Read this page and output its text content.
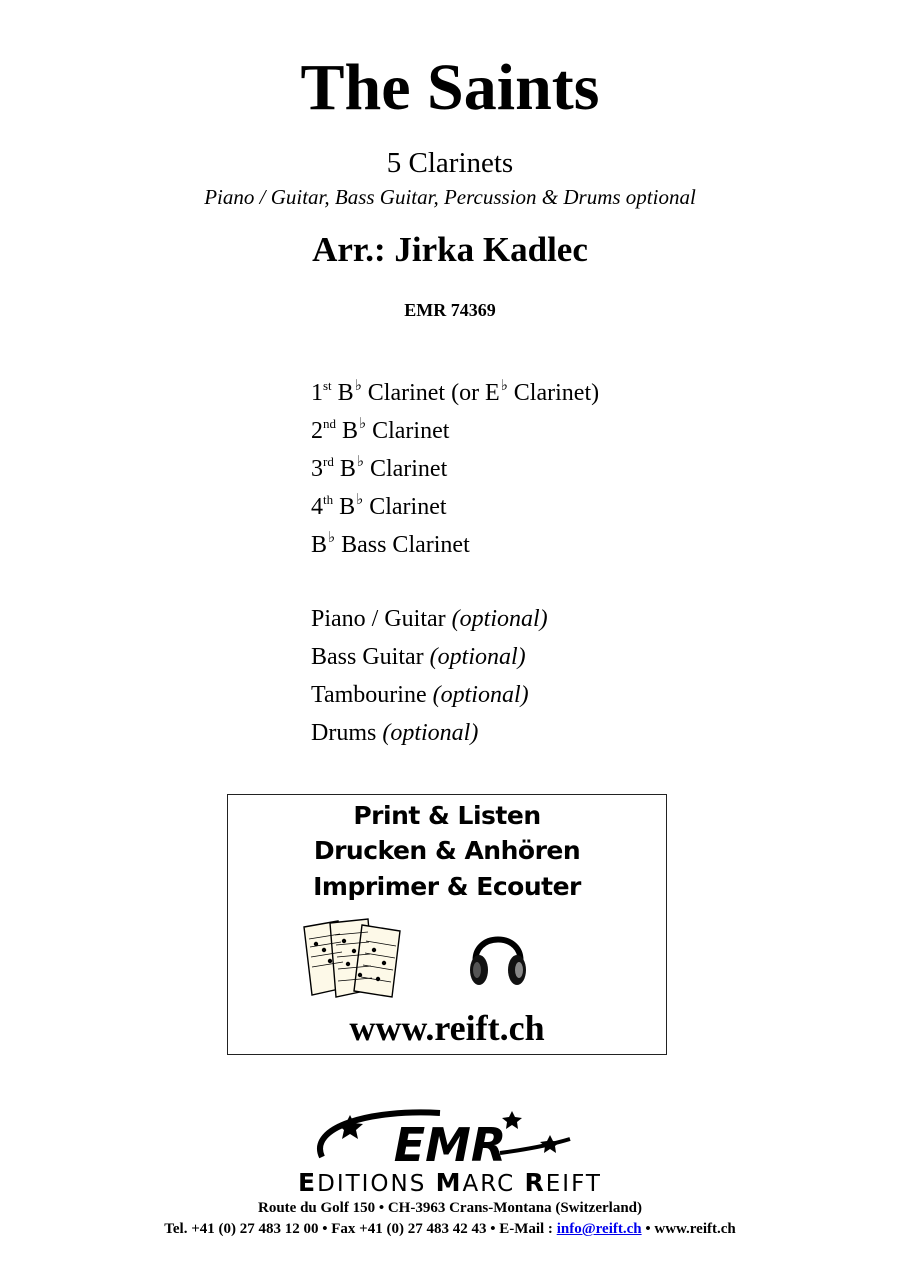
The Saints
5 Clarinets
Piano / Guitar, Bass Guitar, Percussion & Drums optional
Arr.: Jirka Kadlec
EMR 74369
1st B♭ Clarinet (or E♭ Clarinet)
2nd B♭ Clarinet
3rd B♭ Clarinet
4th B♭ Clarinet
B♭ Bass Clarinet
Piano / Guitar (optional)
Bass Guitar (optional)
Tambourine (optional)
Drums (optional)
Print & Listen
Drucken & Anhören
Imprimer & Ecouter
www.reift.ch
EMR
EDITIONS MARC REIFT
Route du Golf 150 • CH-3963 Crans-Montana (Switzerland)
Tel. +41 (0) 27 483 12 00 • Fax +41 (0) 27 483 42 43 • E-Mail : info@reift.ch • www.reift.ch
